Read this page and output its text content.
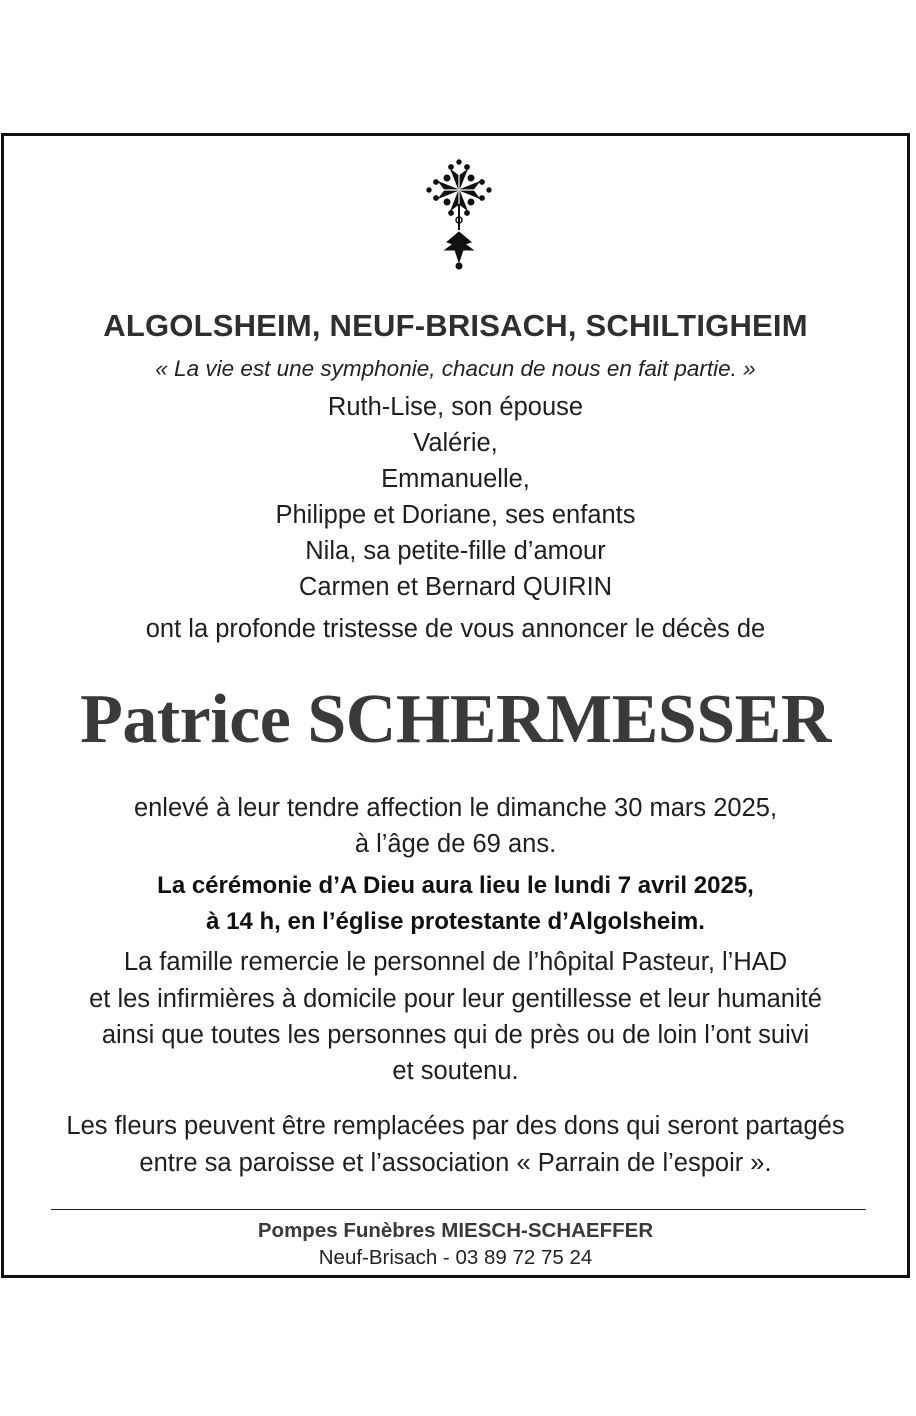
ALGOLSHEIM, NEUF-BRISACH, SCHILTIGHEIM
« La vie est une symphonie, chacun de nous en fait partie. »
Ruth-Lise, son épouse
Valérie,
Emmanuelle,
Philippe et Doriane, ses enfants
Nila, sa petite-fille d’amour
Carmen et Bernard QUIRIN
ont la profonde tristesse de vous annoncer le décès de
Patrice SCHERMESSER
enlevé à leur tendre affection le dimanche 30 mars 2025,
à l’âge de 69 ans.
La cérémonie d’A Dieu aura lieu le lundi 7 avril 2025,
à 14 h, en l’église protestante d’Algolsheim.
La famille remercie le personnel de l’hôpital Pasteur, l’HAD
et les infirmières à domicile pour leur gentillesse et leur humanité
ainsi que toutes les personnes qui de près ou de loin l’ont suivi
et soutenu.
Les fleurs peuvent être remplacées par des dons qui seront partagés
entre sa paroisse et l’association « Parrain de l’espoir ».
Pompes Funèbres MIESCH-SCHAEFFER
Neuf-Brisach - 03 89 72 75 24
